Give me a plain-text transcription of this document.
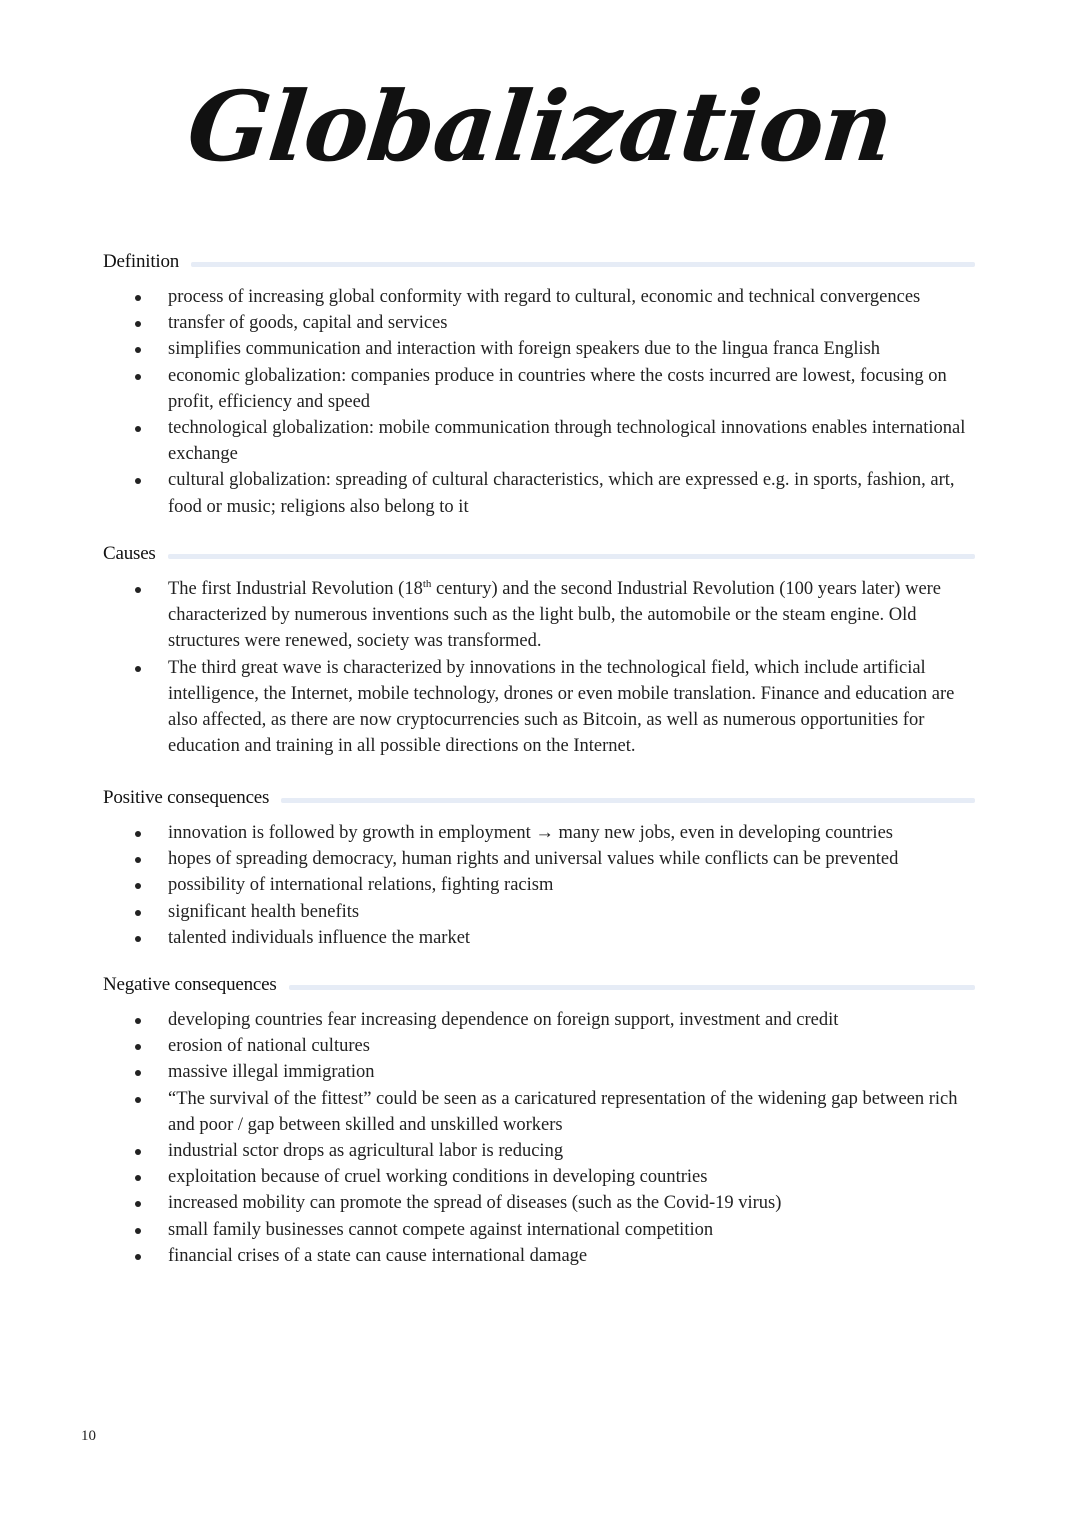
Globalization
Definition
process of increasing global conformity with regard to cultural, economic and technical convergences
transfer of goods, capital and services
simplifies communication and interaction with foreign speakers due to the lingua franca English
economic globalization: companies produce in countries where the costs incurred are lowest, focusing on profit, efficiency and speed
technological globalization: mobile communication through technological innovations enables international exchange
cultural globalization: spreading of cultural characteristics, which are expressed e.g. in sports, fashion, art, food or music; religions also belong to it
Causes
The first Industrial Revolution (18th century) and the second Industrial Revolution (100 years later) were characterized by numerous inventions such as the light bulb, the automobile or the steam engine. Old structures were renewed, society was transformed.
The third great wave is characterized by innovations in the technological field, which include artificial intelligence, the Internet, mobile technology, drones or even mobile translation. Finance and education are also affected, as there are now cryptocurrencies such as Bitcoin, as well as numerous opportunities for education and training in all possible directions on the Internet.
Positive consequences
innovation is followed by growth in employment → many new jobs, even in developing countries
hopes of spreading democracy, human rights and universal values while conflicts can be prevented
possibility of international relations, fighting racism
significant health benefits
talented individuals influence the market
Negative consequences
developing countries fear increasing dependence on foreign support, investment and credit
erosion of national cultures
massive illegal immigration
“The survival of the fittest” could be seen as a caricatured representation of the widening gap between rich and poor / gap between skilled and unskilled workers
industrial sctor drops as agricultural labor is reducing
exploitation because of cruel working conditions in developing countries
increased mobility can promote the spread of diseases (such as the Covid-19 virus)
small family businesses cannot compete against international competition
financial crises of a state can cause international damage
10
